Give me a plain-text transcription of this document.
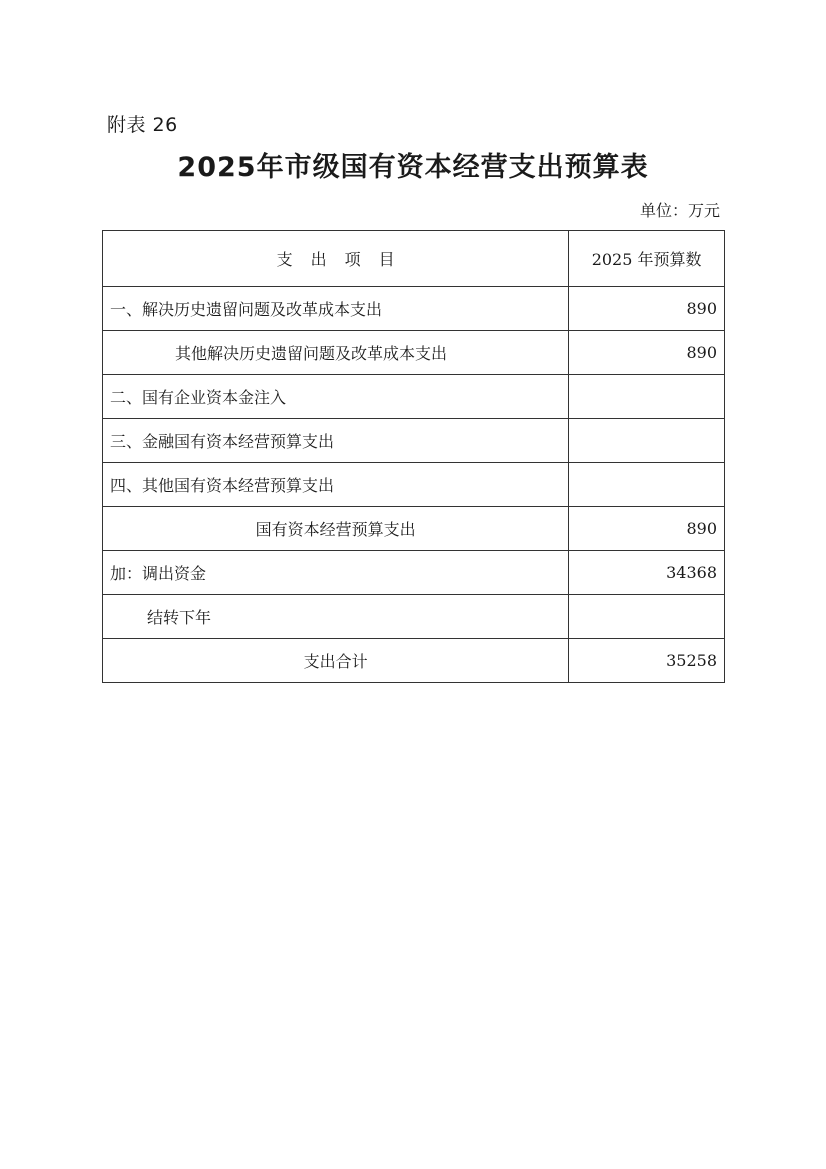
附表 26
2025年市级国有资本经营支出预算表
单位：万元
支出项目	2025 年预算数
一、解决历史遗留问题及改革成本支出	890
其他解决历史遗留问题及改革成本支出	890
二、国有企业资本金注入	
三、金融国有资本经营预算支出	
四、其他国有资本经营预算支出	
国有资本经营预算支出	890
加：调出资金	34368
结转下年	
支出合计	35258
